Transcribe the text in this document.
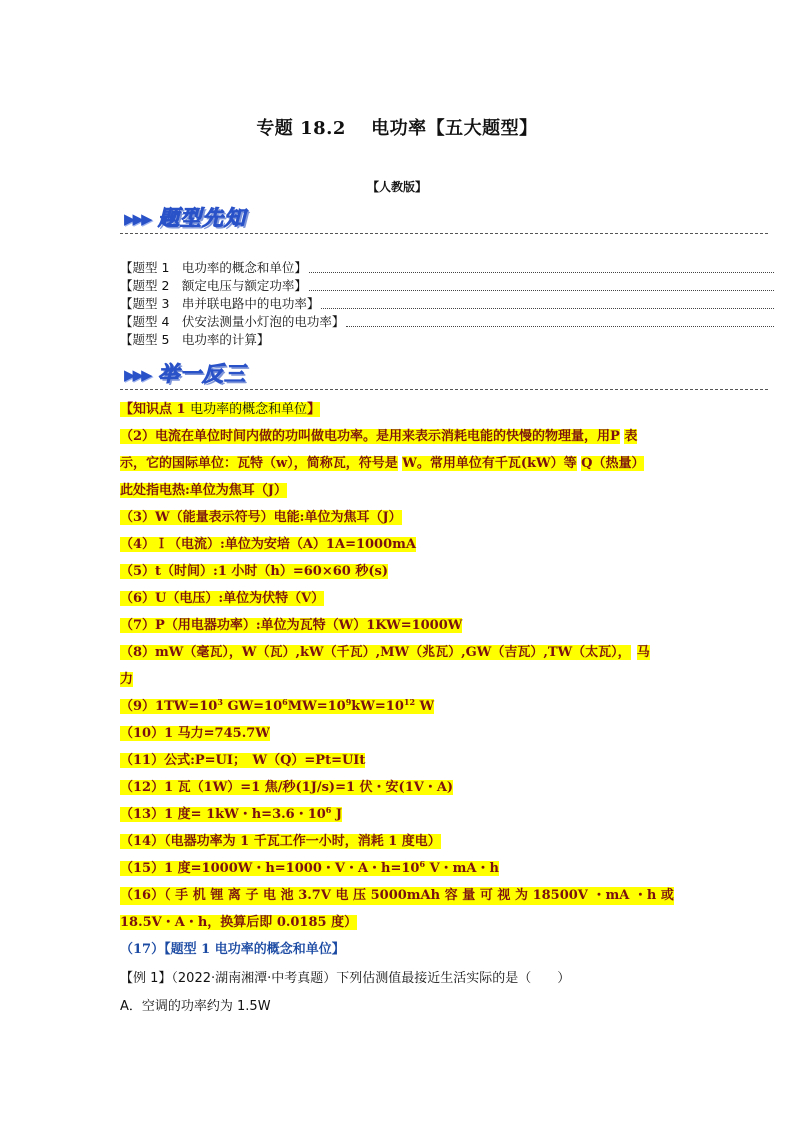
专题 18.2　 电功率【五大题型】
【人教版】
▶▶▶ 题型先知
【题型 1　电功率的概念和单位】
【题型 2　额定电压与额定功率】
【题型 3　串并联电路中的电功率】
【题型 4　伏安法测量小灯泡的电功率】
【题型 5　电功率的计算】
▶▶▶ 举一反三
【知识点 1 电功率的概念和单位】
（2）电流在单位时间内做的功叫做电功率。是用来表示消耗电能的快慢的物理量，用P 表
示，它的国际单位：瓦特（w），简称瓦，符号是 W。常用单位有千瓦(kW）等 Q（热量）
此处指电热:单位为焦耳（J）
（3）W（能量表示符号）电能:单位为焦耳（J）
（4）Ｉ（电流）:单位为安培（A）1A=1000mA
（5）t（时间）:1 小时（h）=60×60 秒(s)
（6）U（电压）:单位为伏特（V）
（7）P（用电器功率）:单位为瓦特（W）1KW=1000W
（8）mW（毫瓦），W（瓦）,kW（千瓦）,MW（兆瓦）,GW（吉瓦）,TW（太瓦）， 马
力
$(9)1TW=10^3$ $GW=10^6MW=10^9kW=10^{12}$ W
（10）1 马力=745.7W
（11）公式:P=UⅠ；　W（Q）=Pt=UⅠt
（12）1 瓦（1W）=1 焦/秒(1J/s)=1 伏・安(1V・A)
（13）1 度= 1kW・h=3.6・$10^6$ J
（14）（电器功率为 1 千瓦工作一小时，消耗 1 度电）
（15）1 度=1000W・h=1000・V・A・$h=10^6$ V・mA・h
（16）（ 手 机 锂 离 子 电 池 3.7V 电 压 5000mAh 容 量 可 视 为 18500V ・mA ・h 或
18.5V・A・h，换算后即 0.0185 度）
（17）【题型 1 电功率的概念和单位】
【例 1】（2022·湖南湘潭·中考真题）下列估测值最接近生活实际的是（　　）
A．空调的功率约为 1.5W
